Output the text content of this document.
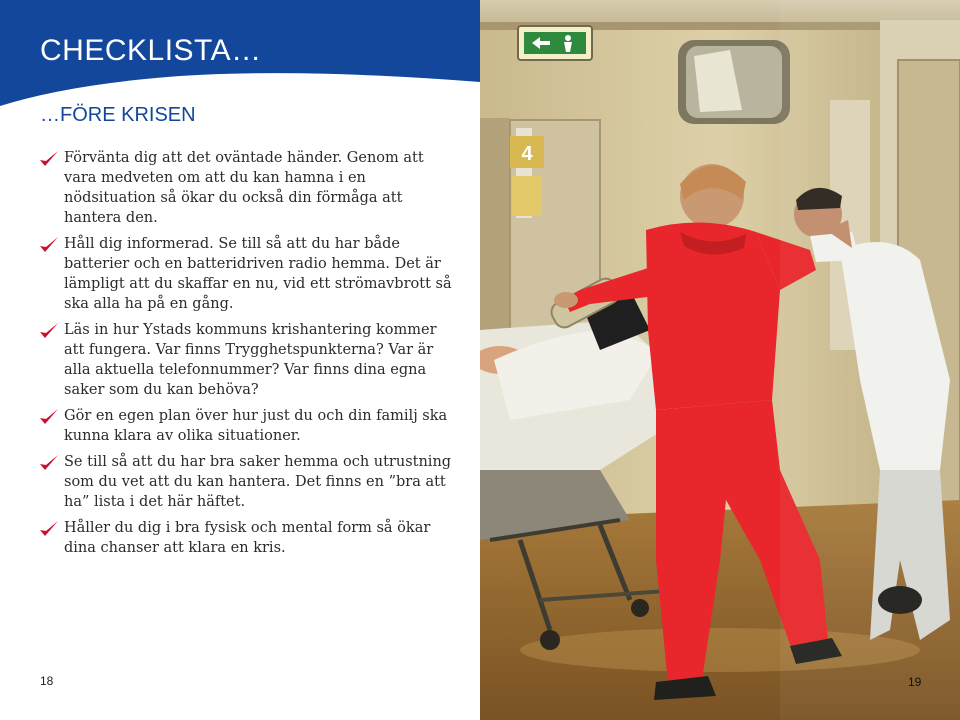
CHECKLISTA…
…FÖRE KRISEN
Förvänta dig att det oväntade händer. Genom att vara medveten om att du kan hamna i en nödsituation så ökar du också din förmåga att hantera den.
Håll dig informerad. Se till så att du har både batterier och en batteridriven radio hemma. Det är lämpligt att du skaffar en nu, vid ett strömavbrott så ska alla ha på en gång.
Läs in hur Ystads kommuns krishantering kommer att fungera. Var finns Trygghetspunkterna? Var är alla aktuella telefonnummer? Var finns dina egna saker som du kan behöva?
Gör en egen plan över hur just du och din familj ska kunna klara av olika situationer.
Se till så att du har bra saker hemma och utrustning som du vet att du kan hantera. Det finns en ”bra att ha” lista i det här häftet.
Håller du dig i bra fysisk och mental form så ökar dina chanser att klara en kris.
18
4
19
